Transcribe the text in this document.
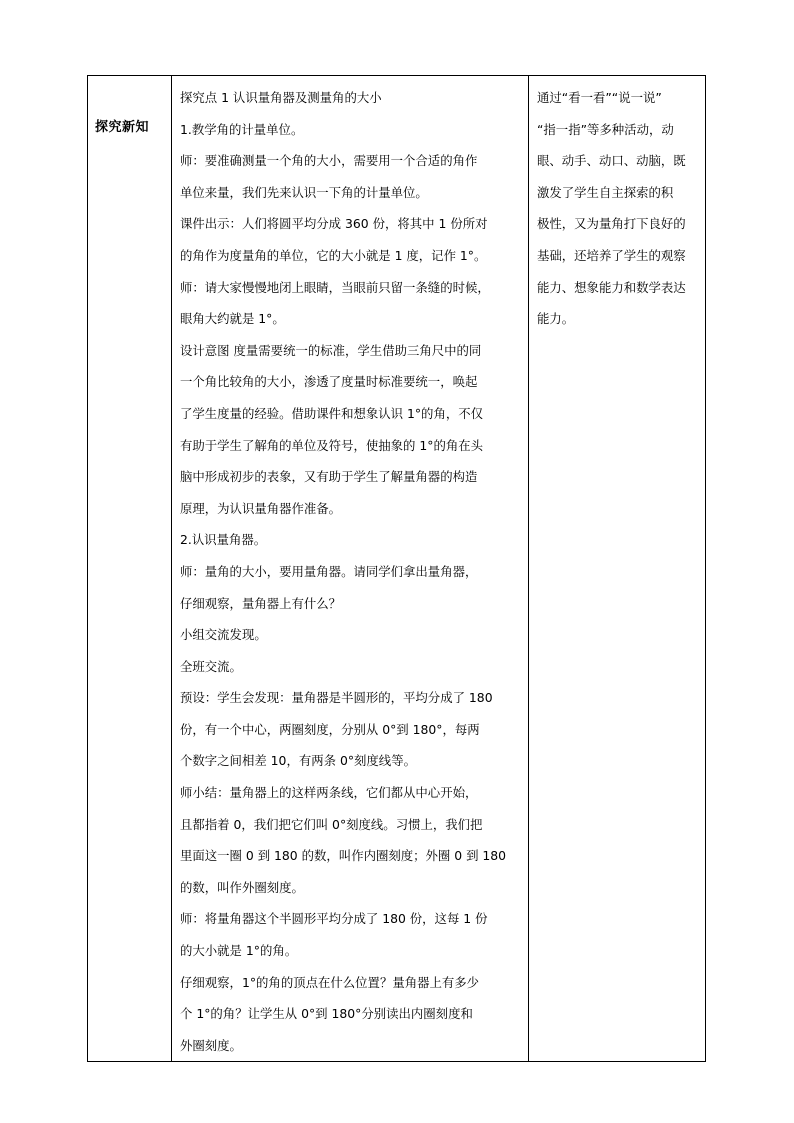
探究新知

探究点 1 认识量角器及测量角的大小
1.教学角的计量单位。
师：要准确测量一个角的大小，需要用一个合适的角作
单位来量，我们先来认识一下角的计量单位。
课件出示：人们将圆平均分成 360 份，将其中 1 份所对
的角作为度量角的单位，它的大小就是 1 度，记作 1°。
师：请大家慢慢地闭上眼睛，当眼前只留一条缝的时候，
眼角大约就是 1°。
设计意图 度量需要统一的标准，学生借助三角尺中的同
一个角比较角的大小，渗透了度量时标准要统一，唤起
了学生度量的经验。借助课件和想象认识 1°的角，不仅
有助于学生了解角的单位及符号，使抽象的 1°的角在头
脑中形成初步的表象，又有助于学生了解量角器的构造
原理，为认识量角器作准备。
2.认识量角器。
师：量角的大小，要用量角器。请同学们拿出量角器，
仔细观察，量角器上有什么？
小组交流发现。
全班交流。
预设：学生会发现：量角器是半圆形的，平均分成了 180
份，有一个中心，两圈刻度，分别从 0°到 180°，每两
个数字之间相差 10，有两条 0°刻度线等。
师小结：量角器上的这样两条线，它们都从中心开始，
且都指着 0，我们把它们叫 0°刻度线。习惯上，我们把
里面这一圈 0 到 180 的数，叫作内圈刻度；外圈 0 到 180
的数，叫作外圈刻度。
师：将量角器这个半圆形平均分成了 180 份，这每 1 份
的大小就是 1°的角。
仔细观察，1°的角的顶点在什么位置？量角器上有多少
个 1°的角？让学生从 0°到 180°分别读出内圈刻度和
外圈刻度。

通过“看一看”“说一说”
“指一指”等多种活动，动
眼、动手、动口、动脑，既
激发了学生自主探索的积
极性，又为量角打下良好的
基础，还培养了学生的观察
能力、想象能力和数学表达
能力。
